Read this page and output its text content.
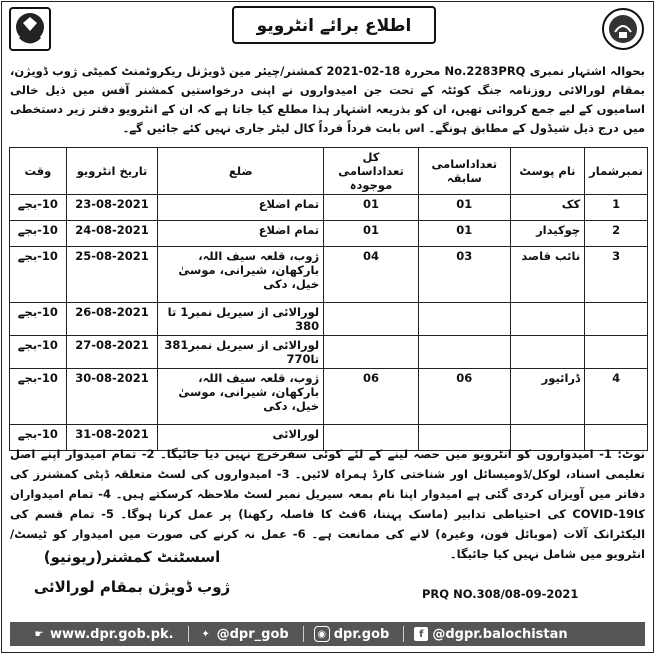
اطلاع برائے انٹرویو
بحوالہ اشتہار نمبری No.2283PRQ محررہ 18-02-2021 کمشنر/چیئر مین ڈویژنل ریکروٹمنٹ کمیٹی ژوب ڈویژن، بمقام لورالائی روزنامہ جنگ کوئٹہ کے تحت جن امیدواروں نے اپنی درخواستیں کمشنر آفس میں ذیل خالی اسامیوں کے لیے جمع کروائی تھیں، ان کو بذریعہ اشتہار ہذا مطلع کیا جاتا ہے کہ ان کے انٹرویو دفتر زیر دستخطی میں درج ذیل شیڈول کے مطابق ہونگے۔ اس بابت فرداً فرداً کال لیٹر جاری نہیں کئے جائیں گے۔
نمبرشمار	نام پوسٹ	تعداداسامی سابقہ	کل تعداداسامی موجودہ	ضلع	تاریخ انٹرویو	وقت
1	کک	01	01	تمام اضلاع	23-08-2021	10-بجے
2	چوکیدار	01	01	تمام اضلاع	24-08-2021	10-بجے
3	نائب قاصد	03	04	ژوب، قلعہ سیف اللہ، بارکھان، شیرانی، موسیٰ خیل، دکی	25-08-2021	10-بجے
				لورالائی از سیریل نمبر1 تا 380	26-08-2021	10-بجے
				لورالائی از سیریل نمبر381 تا770	27-08-2021	10-بجے
4	ڈرائیور	06	06	ژوب، قلعہ سیف اللہ، بارکھان، شیرانی، موسیٰ خیل، دکی	30-08-2021	10-بجے
				لورالائی	31-08-2021	10-بجے
نوٹ: 1- امیدواروں کو انٹرویو میں حصہ لینے کے لئے کوئی سفرخرچ نہیں دیا جائیگا۔ 2- تمام امیدوار اپنے اصل تعلیمی اسناد، لوکل/ڈومیسائل اور شناختی کارڈ ہمراہ لائیں۔ 3- امیدواروں کی لسٹ متعلقہ ڈپٹی کمشنرز کی دفاتر میں آویزاں کردی گئی ہے امیدوار اپنا نام بمعہ سیریل نمبر لسٹ ملاحظہ کرسکتے ہیں۔ 4- تمام امیدواران کاCOVID-19 کی احتیاطی تدابیر (ماسک پہننا، 6فٹ کا فاصلہ رکھنا) پر عمل کرنا ہوگا۔ 5- تمام قسم کی الیکٹرانک آلات (موبائل فون، وغیرہ) لانے کی ممانعت ہے۔ 6- عمل نہ کرنے کی صورت میں امیدوار کو ٹیسٹ/انٹرویو میں شامل نہیں کیا جائیگا۔
اسسٹنٹ کمشنر(ریونیو)
ژوب ڈویژن بمقام لورالائی	PRQ NO.308/08-09-2021
☛ www.dpr.gob.pk.	✦ @dpr_gob	◉ dpr.gob	f @dgpr.balochistan
